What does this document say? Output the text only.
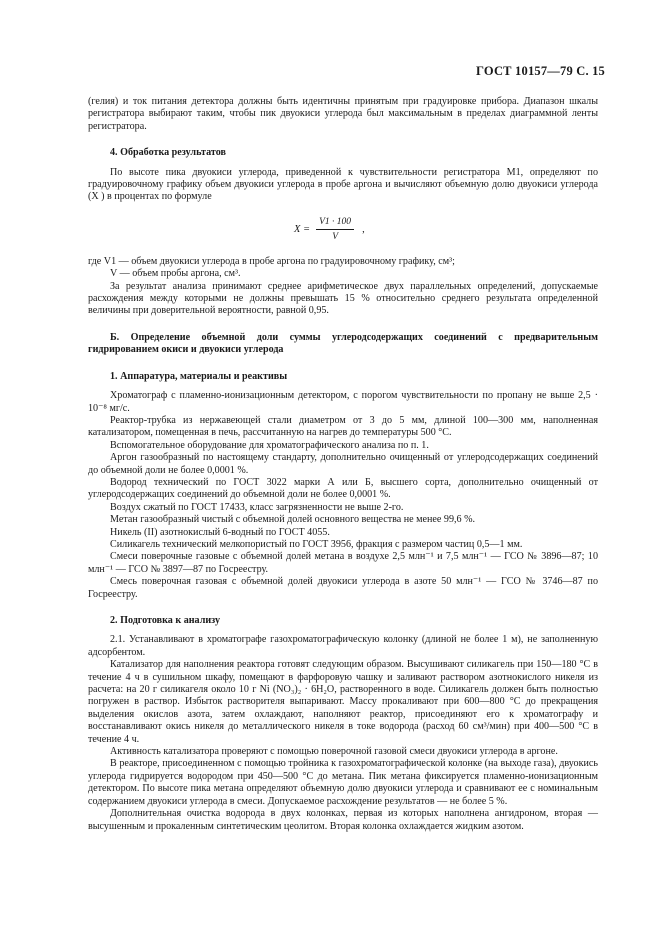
ГОСТ 10157—79 С. 15

(гелия) и ток питания детектора должны быть идентичны принятым при градуировке прибора. Диапазон шкалы регистратора выбирают таким, чтобы пик двуокиси углерода был максимальным в пределах диаграммной ленты регистратора.

4. Обработка результатов

По высоте пика двуокиси углерода, приведенной к чувствительности регистратора М1, определяют по градуировочному графику объем двуокиси углерода в пробе аргона и вычисляют объемную долю двуокиси углерода (X ) в процентах по формуле

$X = \frac{V1 \cdot 100}{V}$ ,

где V1 — объем двуокиси углерода в пробе аргона по градуировочному графику, см³;

V — объем пробы аргона, см³.

За результат анализа принимают среднее арифметическое двух параллельных определений, допускаемые расхождения между которыми не должны превышать 15 % относительно среднего результата определенной величины при доверительной вероятности, равной 0,95.

Б. Определение объемной доли суммы углеродсодержащих соединений с предварительным гидрированием окиси и двуокиси углерода

1. Аппаратура, материалы и реактивы

Хроматограф с пламенно-ионизационным детектором, с порогом чувствительности по пропану не выше 2,5 · 10⁻⁸ мг/с.

Реактор-трубка из нержавеющей стали диаметром от 3 до 5 мм, длиной 100—300 мм, наполненная катализатором, помещенная в печь, рассчитанную на нагрев до температуры 500 °С.

Вспомогательное оборудование для хроматографического анализа по п. 1.

Аргон газообразный по настоящему стандарту, дополнительно очищенный от углеродсодержащих соединений до объемной доли не более 0,0001 %.

Водород технический по ГОСТ 3022 марки А или Б, высшего сорта, дополнительно очищенный от углеродсодержащих соединений до объемной доли не более 0,0001 %.

Воздух сжатый по ГОСТ 17433, класс загрязненности не выше 2-го.

Метан газообразный чистый с объемной долей основного вещества не менее 99,6 %.

Никель (II) азотнокислый 6-водный по ГОСТ 4055.

Силикагель технический мелкопористый по ГОСТ 3956, фракция с размером частиц 0,5—1 мм.

Смеси поверочные газовые с объемной долей метана в воздухе 2,5 млн⁻¹ и 7,5 млн⁻¹ — ГСО № 3896—87; 10 млн⁻¹ — ГСО № 3897—87 по Госреестру.

Смесь поверочная газовая с объемной долей двуокиси углерода в азоте 50 млн⁻¹ — ГСО № 3746—87 по Госреестру.

2. Подготовка к анализу

2.1. Устанавливают в хроматографе газохроматографическую колонку (длиной не более 1 м), не заполненную адсорбентом.

Катализатор для наполнения реактора готовят следующим образом. Высушивают силикагель при 150—180 °С в течение 4 ч в сушильном шкафу, помещают в фарфоровую чашку и заливают раствором азотнокислого никеля из расчета: на 20 г силикагеля около 10 г Ni (NO₃)₂ · 6H₂O, растворенного в воде. Силикагель должен быть полностью погружен в раствор. Избыток растворителя выпаривают. Массу прокаливают при 600—800 °С до прекращения выделения окислов азота, затем охлаждают, наполняют реактор, присоединяют его к хроматографу и восстанавливают окись никеля до металлического никеля в токе водорода (расход 60 см³/мин) при 400—500 °С в течение 4 ч.

Активность катализатора проверяют с помощью поверочной газовой смеси двуокиси углерода в аргоне.

В реакторе, присоединенном с помощью тройника к газохроматографической колонке (на выходе газа), двуокись углерода гидрируется водородом при 450—500 °С до метана. Пик метана фиксируется пламенно-ионизационным детектором. По высоте пика метана определяют объемную долю двуокиси углерода и сравнивают ее с номинальным содержанием двуокиси углерода в смеси. Допускаемое расхождение результатов — не более 5 %.

Дополнительная очистка водорода в двух колонках, первая из которых наполнена ангидроном, вторая — высушенным и прокаленным синтетическим цеолитом. Вторая колонка охлаждается жидким азотом.
